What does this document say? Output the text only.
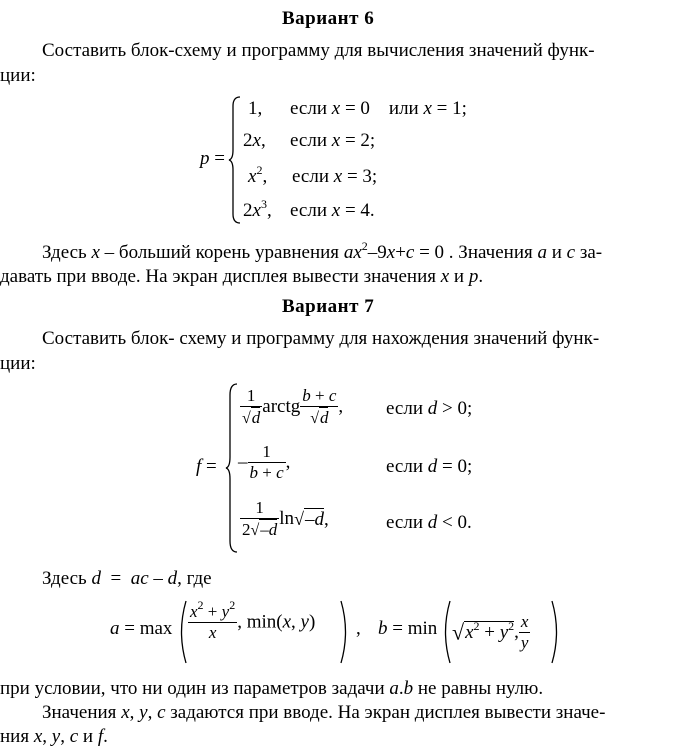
Вариант 6
Составить блок-схему и программу для вычисления значений функ-
ции:
p =
1, если x = 0    или x = 1;
2x, если x = 2;
$x^2$, если x = 3;
$2x^3$, если x = 4.
Здесь x – больший корень уравнения $ax^2-9x+c = 0$ . Значения a и c за-
давать при вводе. На экран дисплея вывести значения x и p.
Вариант 7
Составить блок- схему и программу для нахождения значений функ-
ции:
f =
$\frac{1}{√d}$ arctg $\frac{b + c}{√d}$ , если d > 0;
– $\frac{1}{b + c}$ ,	если d = 0;
$\frac{1}{2√-d} \ln√-d$,	если d < 0.
Здесь d  =  ac – d, где
$a = \max \frac{x^2 + y^2}{x}$ , min(x, y) , $b = \min √x^2 + y^2$, $\frac{x}{y}$
при условии, что ни один из параметров задачи a.b не равны нулю.
Значения x, y, c задаются при вводе. На экран дисплея вывести значе-
ния x, y, c и f.
